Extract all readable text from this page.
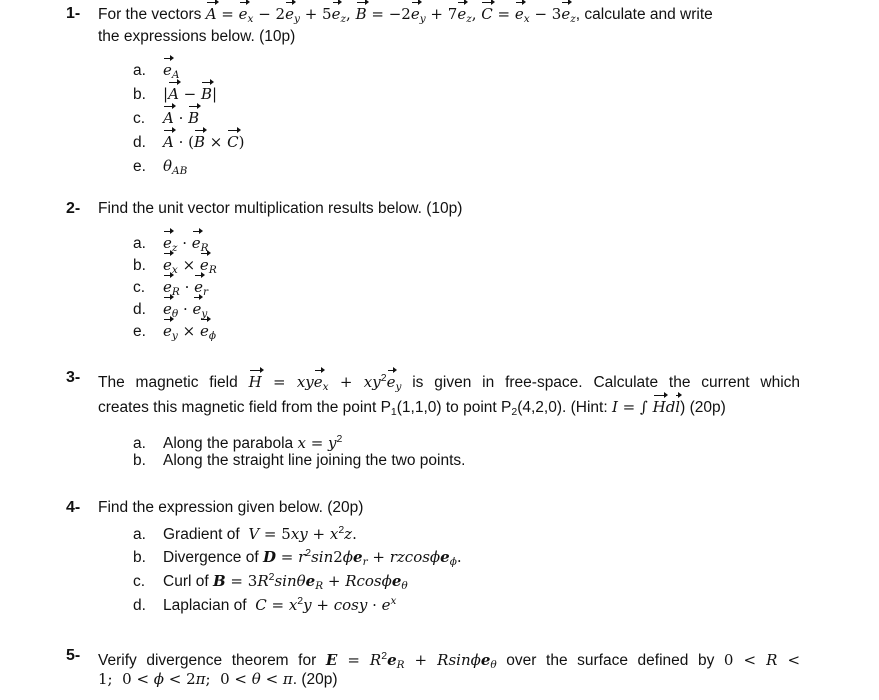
1- For the vectors $A = e_x - 2e_y + 5e_z$, $B = -2e_y + 7e_z$, $C = e_x - 3e_z$, calculate and write
the expressions below. (10p)
a. $e_A$
b. |A − B|
c. A · B
d. A · (B × C)
e. $\theta_{AB}$
2- Find the unit vector multiplication results below. (10p)
a. $e_z \cdot e_R$
b. $e_x \times e_R$
c. $e_R \cdot e_r$
d. $e_\theta \cdot e_y$
e. $e_y \times e_\phi$
3- The magnetic field $H = xye_x + xy^2e_y$ is given in free-space. Calculate the current which
creates this magnetic field from the point $P_1(1,1,0)$ to point $P_2(4,2,0)$. (Hint: I = ∫ Hdl) (20p)
a. Along the parabola $x = y^2$
b. Along the straight line joining the two points.
4- Find the expression given below. (20p)
a. Gradient of $V = 5xy + x^2z$.
b. Divergence of $D = r^2\sin 2\phi e_r + rzcos\phi e_\phi$.
c. Curl of $B = 3R^2\sin\theta e_R + Rcos\phi e_\theta$
d. Laplacian of $C = x^2y + \cos y \cdot e^x$
5- Verify divergence theorem for $E = R^2e_R + Rsin\phi e_\theta$ over the surface defined by 0 < R <
1;  0 < ϕ < 2π;  0 < θ < π. (20p)
